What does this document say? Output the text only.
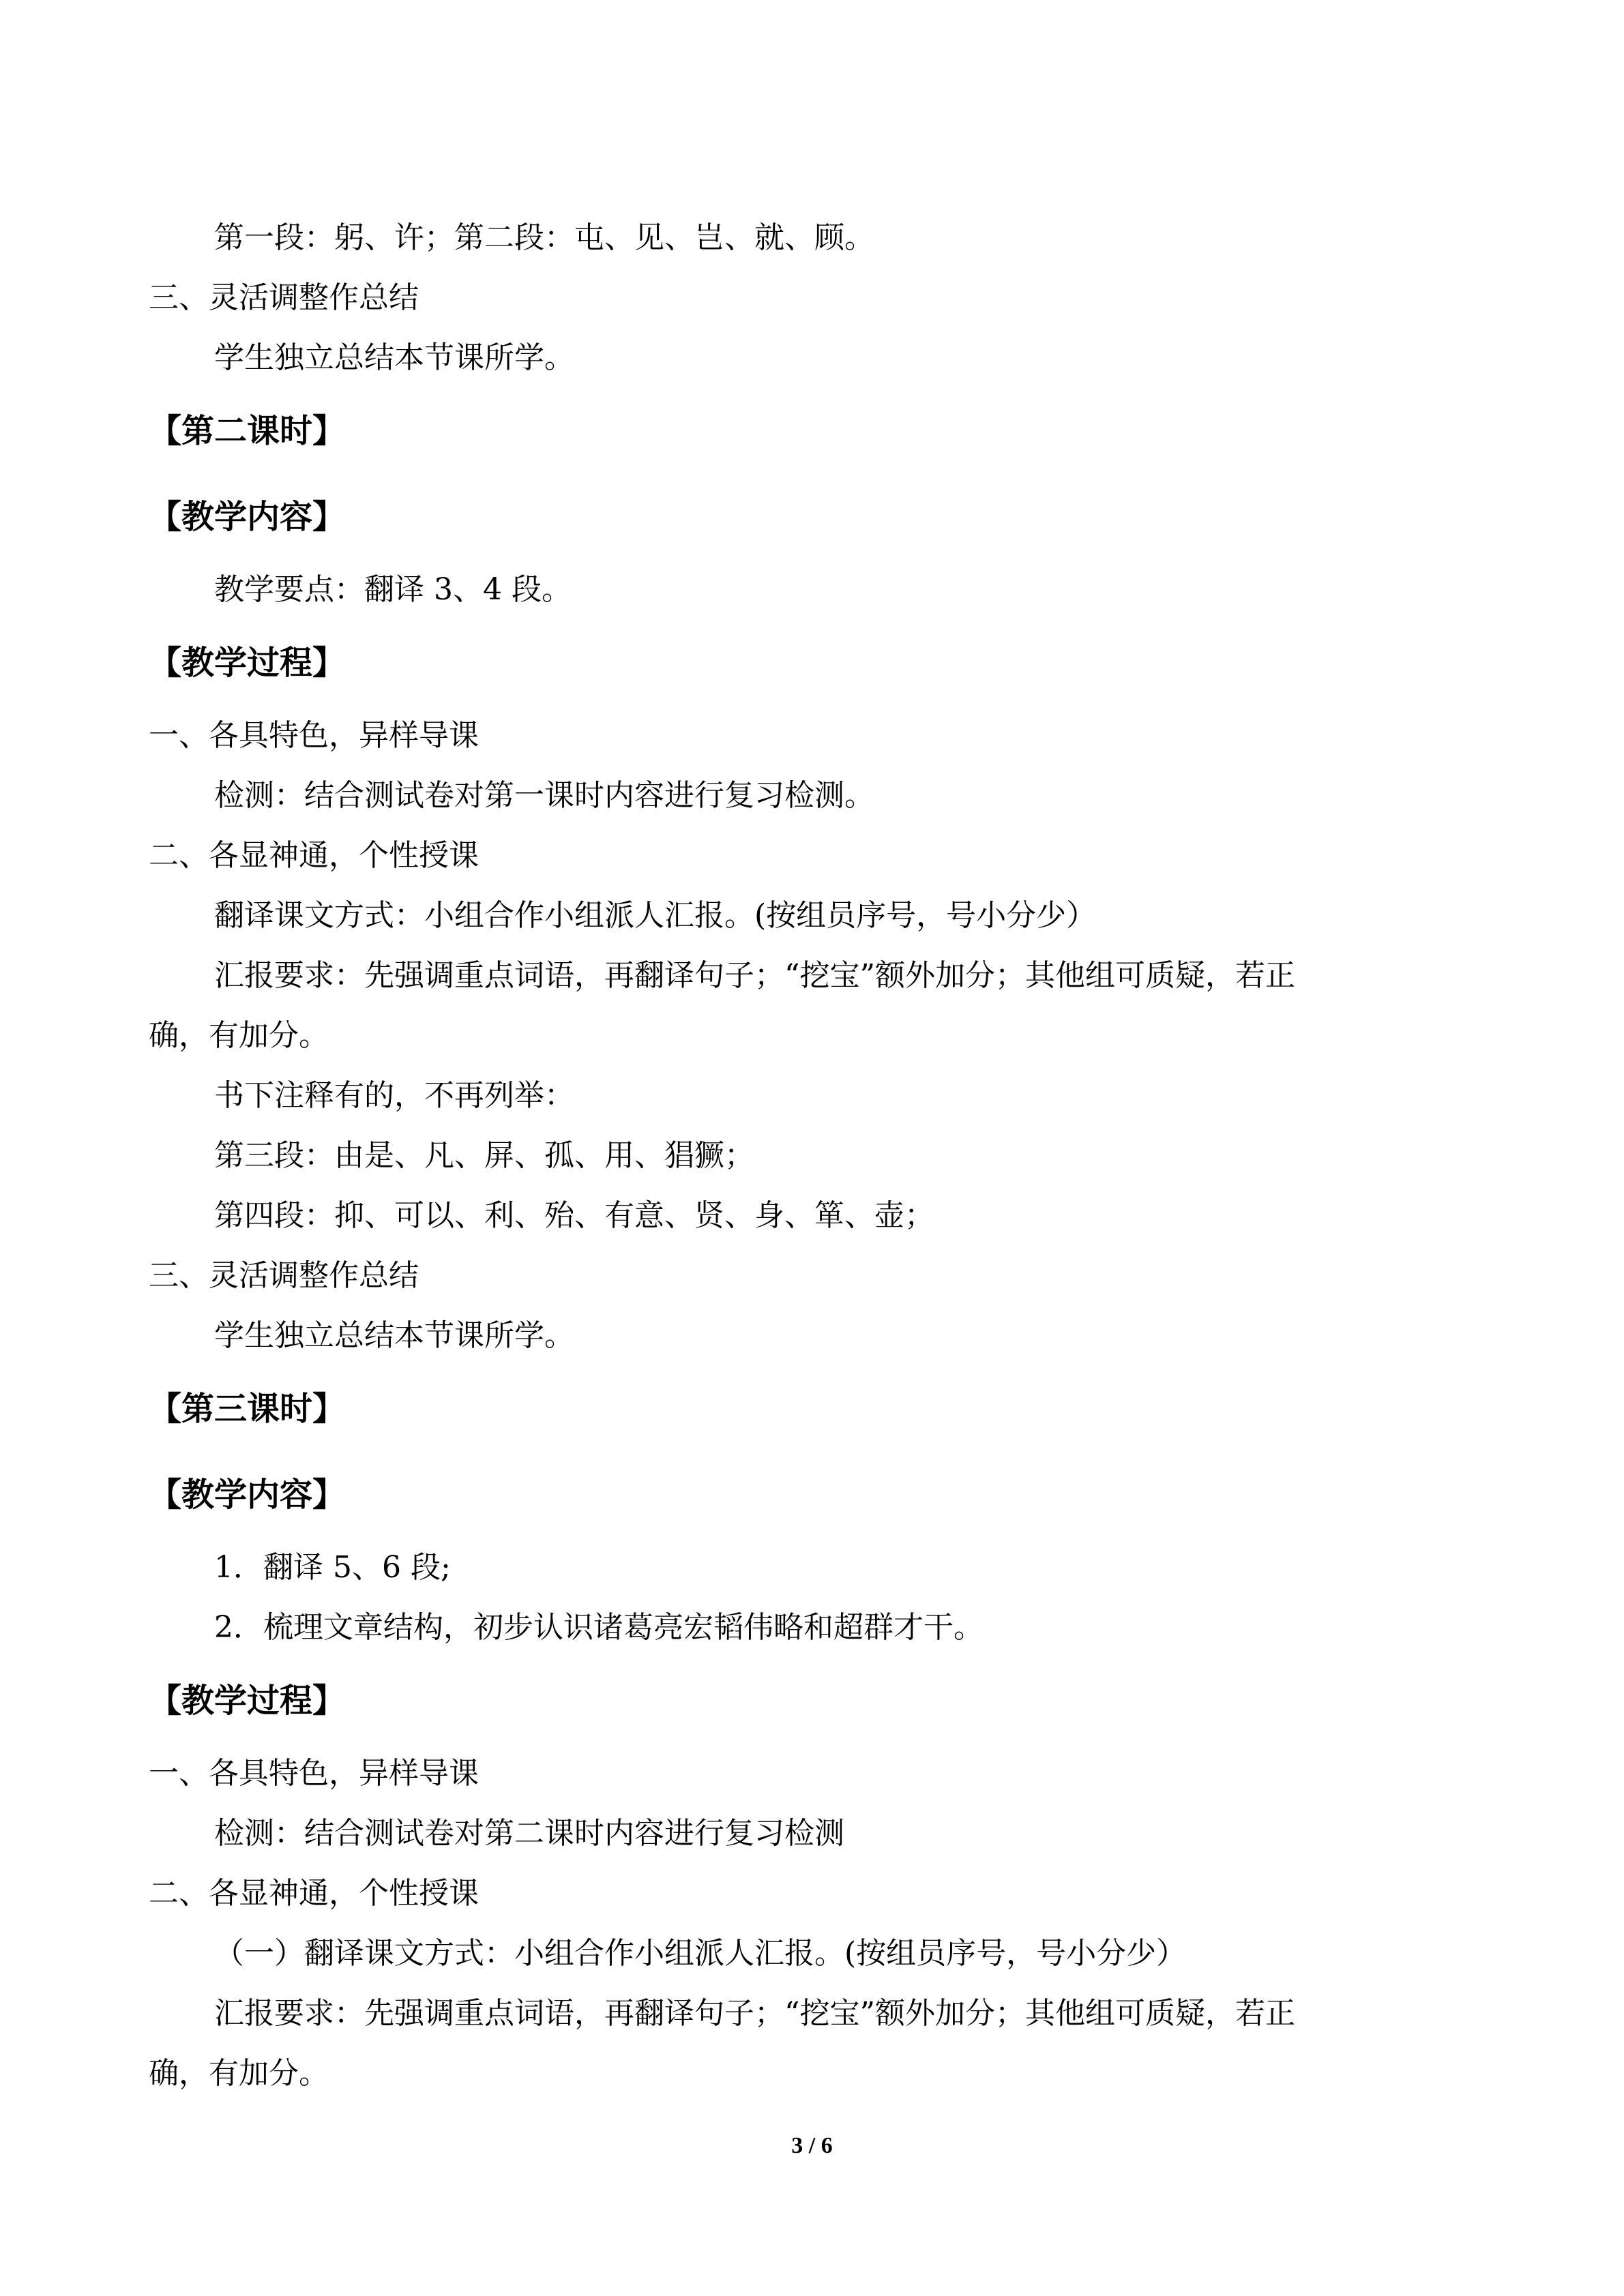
第一段：躬、许；第二段：屯、见、岂、就、顾。
三、灵活调整作总结
学生独立总结本节课所学。
【第二课时】
【教学内容】
教学要点：翻译 3、4 段。
【教学过程】
一、各具特色，异样导课
检测：结合测试卷对第一课时内容进行复习检测。
二、各显神通，个性授课
翻译课文方式：小组合作小组派人汇报。(按组员序号，号小分少）
汇报要求：先强调重点词语，再翻译句子；“挖宝”额外加分；其他组可质疑，若正
确，有加分。
书下注释有的，不再列举：
第三段：由是、凡、屏、孤、用、猖獗；
第四段：抑、可以、利、殆、有意、贤、身、箪、壶；
三、灵活调整作总结
学生独立总结本节课所学。
【第三课时】
【教学内容】
1．翻译 5、6 段;
2．梳理文章结构，初步认识诸葛亮宏韬伟略和超群才干。
【教学过程】
一、各具特色，异样导课
检测：结合测试卷对第二课时内容进行复习检测
二、各显神通，个性授课
（一）翻译课文方式：小组合作小组派人汇报。(按组员序号，号小分少）
汇报要求：先强调重点词语，再翻译句子；“挖宝”额外加分；其他组可质疑，若正
确，有加分。
3 / 6
